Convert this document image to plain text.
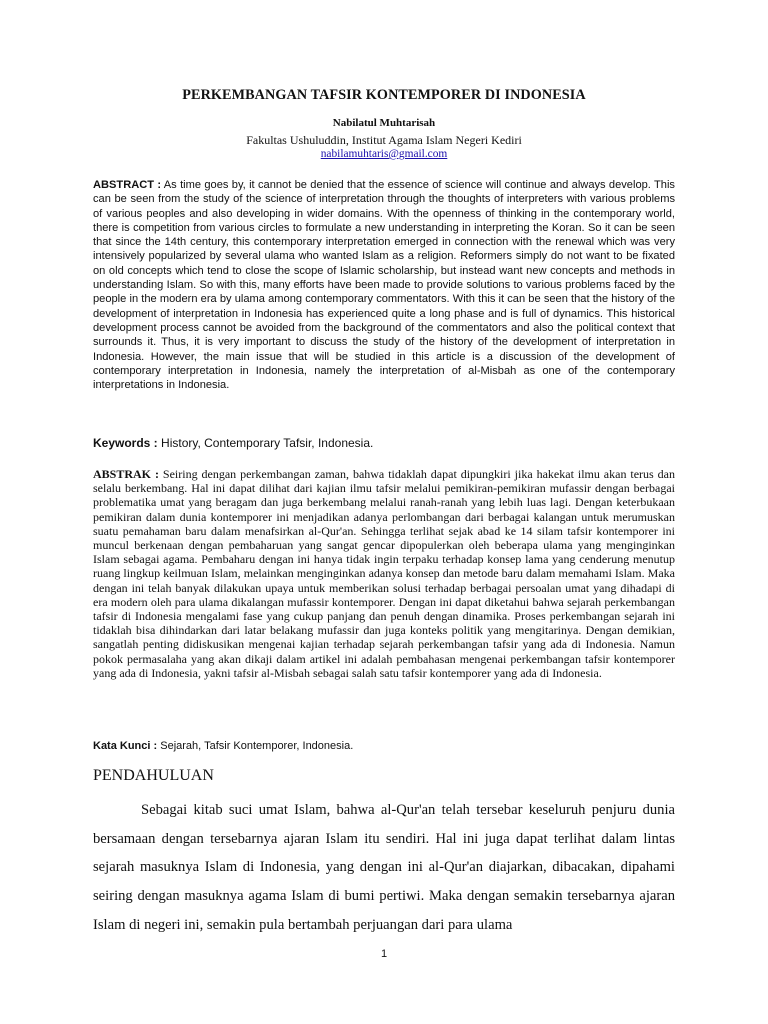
PERKEMBANGAN TAFSIR KONTEMPORER DI INDONESIA
Nabilatul Muhtarisah
Fakultas Ushuluddin, Institut Agama Islam Negeri Kediri
nabilamuhtaris@gmail.com

ABSTRACT : As time goes by, it cannot be denied that the essence of science will continue and always develop. This can be seen from the study of the science of interpretation through the thoughts of interpreters with various problems of various peoples and also developing in wider domains. With the openness of thinking in the contemporary world, there is competition from various circles to formulate a new understanding in interpreting the Koran. So it can be seen that since the 14th century, this contemporary interpretation emerged in connection with the renewal which was very intensively popularized by several ulama who wanted Islam as a religion. Reformers simply do not want to be fixated on old concepts which tend to close the scope of Islamic scholarship, but instead want new concepts and methods in understanding Islam. So with this, many efforts have been made to provide solutions to various problems faced by the people in the modern era by ulama among contemporary commentators. With this it can be seen that the history of the development of interpretation in Indonesia has experienced quite a long phase and is full of dynamics. This historical development process cannot be avoided from the background of the commentators and also the political context that surrounds it. Thus, it is very important to discuss the study of the history of the development of interpretation in Indonesia. However, the main issue that will be studied in this article is a discussion of the development of contemporary interpretation in Indonesia, namely the interpretation of al-Misbah as one of the contemporary interpretations in Indonesia.

Keywords : History, Contemporary Tafsir, Indonesia.

ABSTRAK : Seiring dengan perkembangan zaman, bahwa tidaklah dapat dipungkiri jika hakekat ilmu akan terus dan selalu berkembang. Hal ini dapat dilihat dari kajian ilmu tafsir melalui pemikiran-pemikiran mufassir dengan berbagai problematika umat yang beragam dan juga berkembang melalui ranah-ranah yang lebih luas lagi. Dengan keterbukaan pemikiran dalam dunia kontemporer ini menjadikan adanya perlombangan dari berbagai kalangan untuk merumuskan suatu pemahaman baru dalam menafsirkan al-Qur'an. Sehingga terlihat sejak abad ke 14 silam tafsir kontemporer ini muncul berkenaan dengan pembaharuan yang sangat gencar dipopulerkan oleh beberapa ulama yang menginginkan Islam sebagai agama. Pembaharu dengan ini hanya tidak ingin terpaku terhadap konsep lama yang cenderung menutup ruang lingkup keilmuan Islam, melainkan menginginkan adanya konsep dan metode baru dalam memahami Islam. Maka dengan ini telah banyak dilakukan upaya untuk memberikan solusi terhadap berbagai persoalan umat yang dihadapi di era modern oleh para ulama dikalangan mufassir kontemporer. Dengan ini dapat diketahui bahwa sejarah perkembangan tafsir di Indonesia mengalami fase yang cukup panjang dan penuh dengan dinamika. Proses perkembangan sejarah ini tidaklah bisa dihindarkan dari latar belakang mufassir dan juga konteks politik yang mengitarinya. Dengan demikian, sangatlah penting didiskusikan mengenai kajian terhadap sejarah perkembangan tafsir yang ada di Indonesia. Namun pokok permasalaha yang akan dikaji dalam artikel ini adalah pembahasan mengenai perkembangan tafsir kontemporer yang ada di Indonesia, yakni tafsir al-Misbah sebagai salah satu tafsir kontemporer yang ada di Indonesia.

Kata Kunci : Sejarah, Tafsir Kontemporer, Indonesia.

PENDAHULUAN

Sebagai kitab suci umat Islam, bahwa al-Qur'an telah tersebar keseluruh penjuru dunia bersamaan dengan tersebarnya ajaran Islam itu sendiri. Hal ini juga dapat terlihat dalam lintas sejarah masuknya Islam di Indonesia, yang dengan ini al-Qur'an diajarkan, dibacakan, dipahami seiring dengan masuknya agama Islam di bumi pertiwi. Maka dengan semakin tersebarnya ajaran Islam di negeri ini, semakin pula bertambah perjuangan dari para ulama

1
